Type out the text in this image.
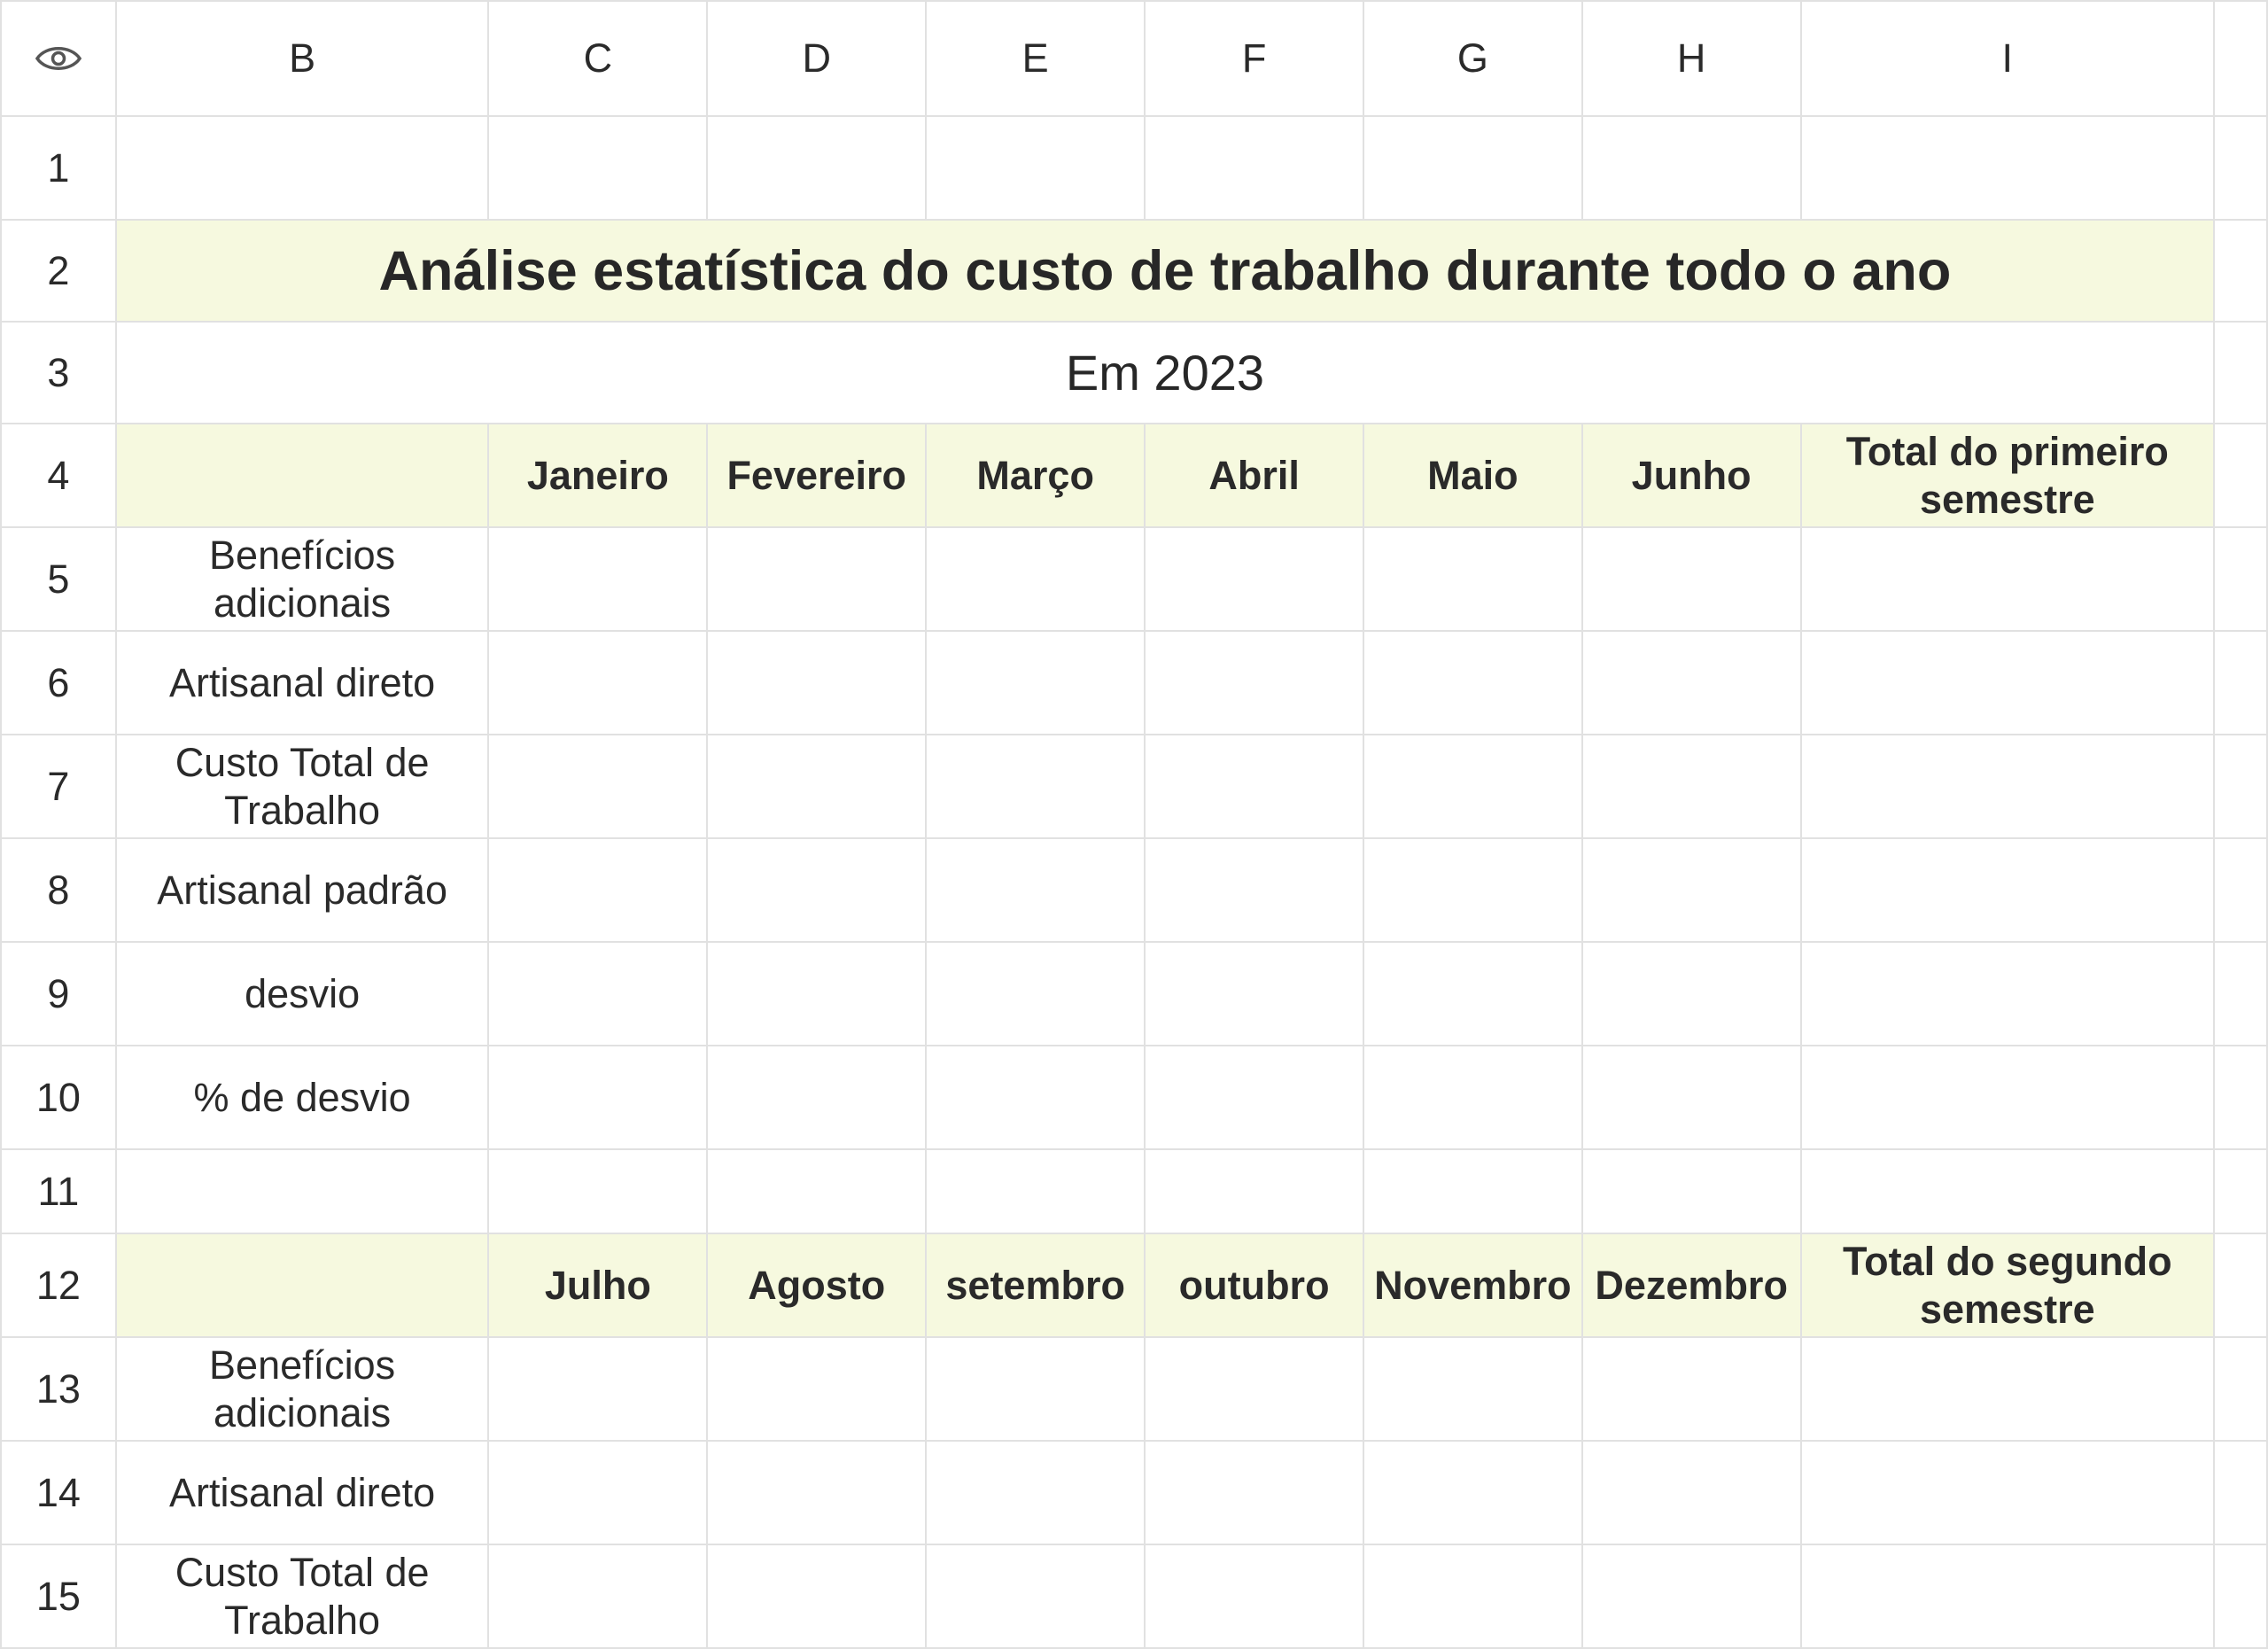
	B	C	D	E	F	G	H	I	
1									
2	Análise estatística do custo de trabalho durante todo o ano								
3	Em 2023								
4		Janeiro	Fevereiro	Março	Abril	Maio	Junho	Total do primeiro semestre	
5	Benefícios adicionais								
6	Artisanal direto								
7	Custo Total de Trabalho								
8	Artisanal padrão								
9	desvio								
10	% de desvio								
11									
12		Julho	Agosto	setembro	outubro	Novembro	Dezembro	Total do segundo semestre	
13	Benefícios adicionais								
14	Artisanal direto								
15	Custo Total de Trabalho								
